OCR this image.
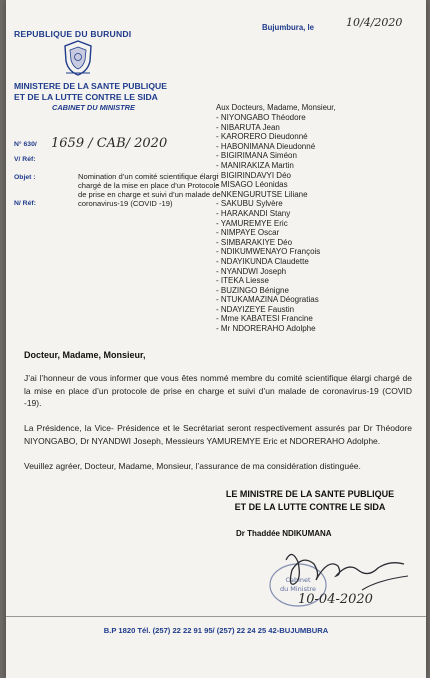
REPUBLIQUE DU BURUNDI
MINISTERE DE LA SANTE PUBLIQUE
ET DE LA LUTTE CONTRE LE SIDA
CABINET DU MINISTRE
Bujumbura, le	10/4/2020
N° 630/ 1659 / CAB/ 2020
V/ Réf:
N/ Réf:
Objet :	Nomination d’un comité scientifique élargi chargé de la mise en place d’un Protocole de prise en charge et suivi d’un malade de coronavirus-19 (COVID -19)
Aux Docteurs, Madame, Monsieur,
- NIYONGABO Théodore
- NIBARUTA Jean
- KARORERO Dieudonné
- HABONIMANA Dieudonné
- BIGIRIMANA Siméon
- MANIRAKIZA Martin
- BIGIRINDAVYI Déo
- MISAGO Léonidas
- NKENGURUTSE Liliane
- SAKUBU Sylvère
- HARAKANDI Stany
- YAMUREMYE Eric
- NIMPAYE Oscar
- SIMBARAKIYE Déo
- NDIKUMWENAYO François
- NDAYIKUNDA Claudette
- NYANDWI Joseph
- ITEKA Liesse
- BUZINGO Bénigne
- NTUKAMAZINA Déogratias
- NDAYIZEYE Faustin
- Mme KABATESI Francine
- Mr NDORERAHO Adolphe
Docteur, Madame, Monsieur,

J’ai l’honneur de vous informer que vous êtes nommé membre du comité scientifique élargi chargé de la mise en place d’un protocole de prise en charge et suivi d’un malade de coronavirus-19 (COVID -19).

La Présidence, la Vice- Présidence et le Secrétariat seront respectivement assurés par Dr Théodore NIYONGABO, Dr NYANDWI Joseph, Messieurs YAMUREMYE Eric et NDORERAHO Adolphe.

Veuillez agréer, Docteur, Madame, Monsieur, l’assurance de ma considération distinguée.

LE MINISTRE DE LA SANTE PUBLIQUE
ET DE LA LUTTE CONTRE LE SIDA
Dr Thaddée NDIKUMANA
Cabinet
du Ministre
10-04-2020
B.P 1820 Tél. (257) 22 22 91 95/ (257) 22 24 25 42-BUJUMBURA
